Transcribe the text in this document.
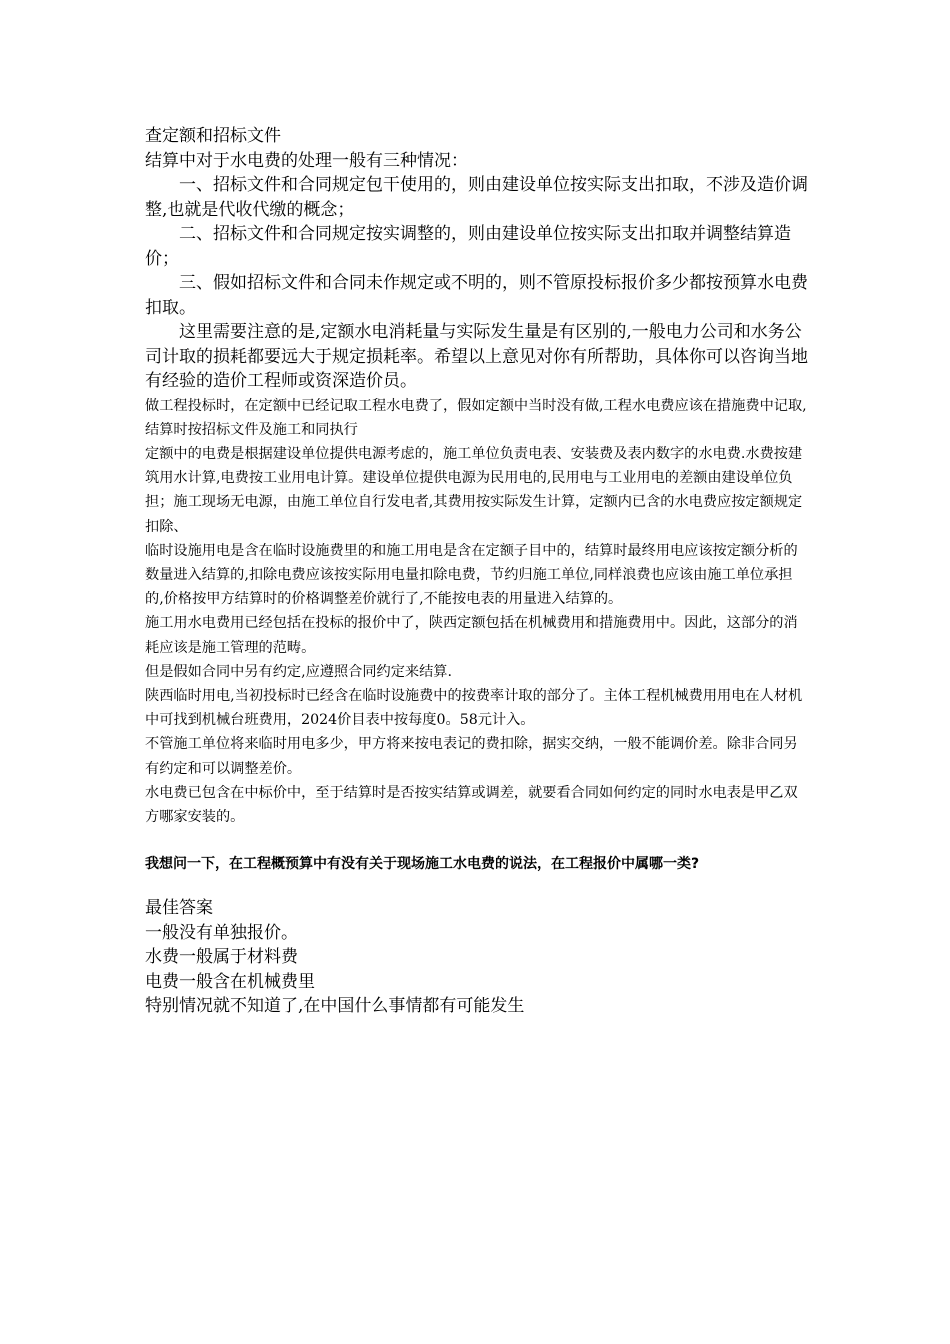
查定额和招标文件

结算中对于水电费的处理一般有三种情况：

一、招标文件和合同规定包干使用的，则由建设单位按实际支出扣取，不涉及造价调整,也就是代收代缴的概念；

二、招标文件和合同规定按实调整的，则由建设单位按实际支出扣取并调整结算造价；

三、假如招标文件和合同未作规定或不明的，则不管原投标报价多少都按预算水电费扣取。

这里需要注意的是,定额水电消耗量与实际发生量是有区别的,一般电力公司和水务公司计取的损耗都要远大于规定损耗率。希望以上意见对你有所帮助，具体你可以咨询当地有经验的造价工程师或资深造价员。

做工程投标时，在定额中已经记取工程水电费了，假如定额中当时没有做,工程水电费应该在措施费中记取,结算时按招标文件及施工和同执行

定额中的电费是根据建设单位提供电源考虑的，施工单位负责电表、安装费及表内数字的水电费.水费按建筑用水计算,电费按工业用电计算。建设单位提供电源为民用电的,民用电与工业用电的差额由建设单位负担；施工现场无电源，由施工单位自行发电者,其费用按实际发生计算，定额内已含的水电费应按定额规定扣除、

临时设施用电是含在临时设施费里的和施工用电是含在定额子目中的，结算时最终用电应该按定额分析的数量进入结算的,扣除电费应该按实际用电量扣除电费，节约归施工单位,同样浪费也应该由施工单位承担的,价格按甲方结算时的价格调整差价就行了,不能按电表的用量进入结算的。

施工用水电费用已经包括在投标的报价中了，陕西定额包括在机械费用和措施费用中。因此，这部分的消耗应该是施工管理的范畴。

但是假如合同中另有约定,应遵照合同约定来结算.

陕西临时用电,当初投标时已经含在临时设施费中的按费率计取的部分了。主体工程机械费用用电在人材机中可找到机械台班费用，2024价目表中按每度0。58元计入。

不管施工单位将来临时用电多少，甲方将来按电表记的费扣除，据实交纳，一般不能调价差。除非合同另有约定和可以调整差价。

水电费已包含在中标价中，至于结算时是否按实结算或调差，就要看合同如何约定的同时水电表是甲乙双方哪家安装的。

我想问一下，在工程概预算中有没有关于现场施工水电费的说法，在工程报价中属哪一类?

最佳答案

一般没有单独报价。

水费一般属于材料费

电费一般含在机械费里

特别情况就不知道了,在中国什么事情都有可能发生
